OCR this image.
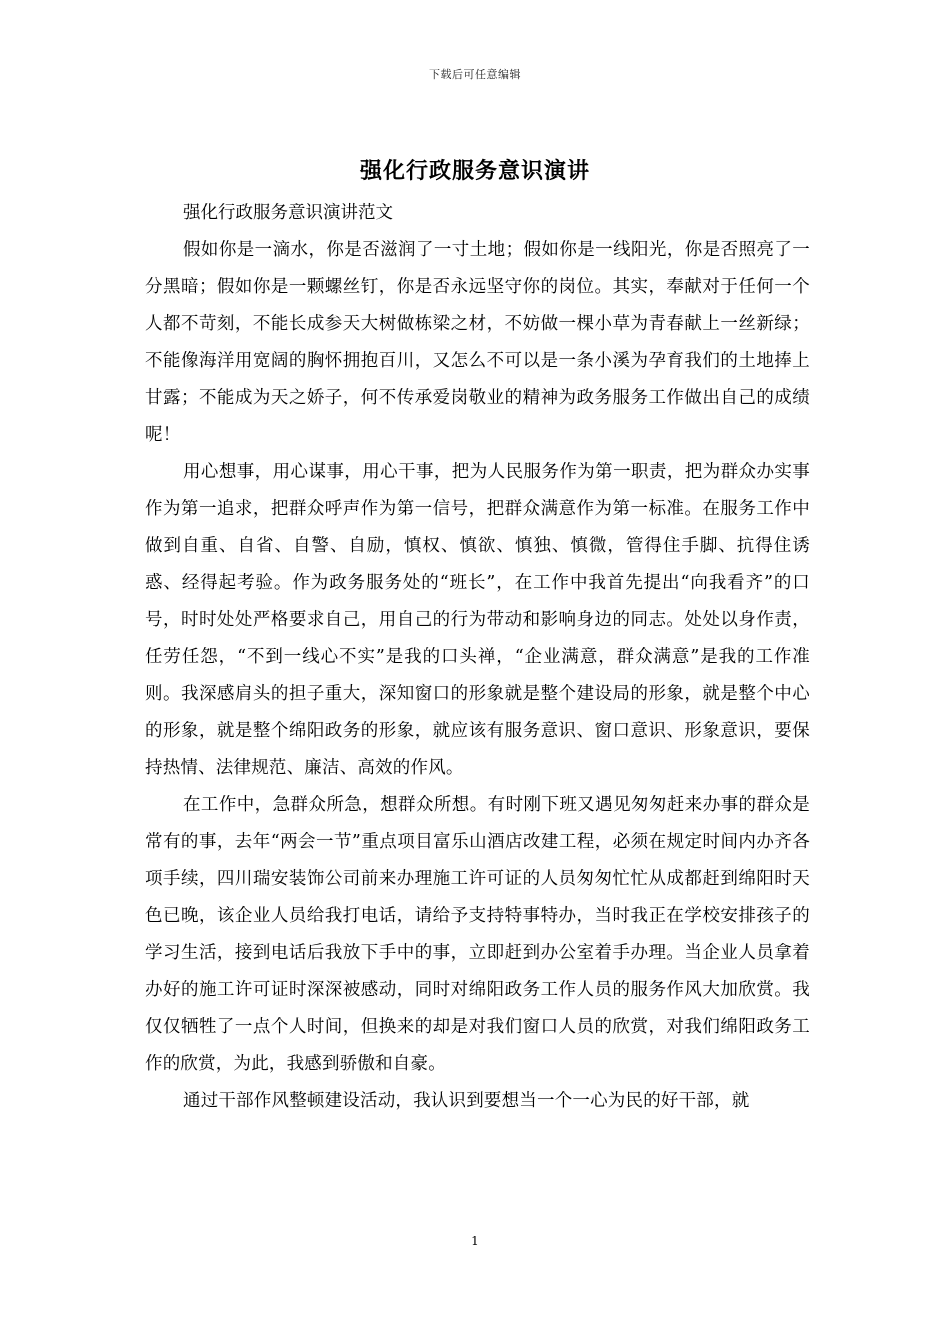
下载后可任意编辑
强化行政服务意识演讲

强化行政服务意识演讲范文

假如你是一滴水，你是否滋润了一寸土地；假如你是一线阳光，你是否照亮了一分黑暗；假如你是一颗螺丝钉，你是否永远坚守你的岗位。其实，奉献对于任何一个人都不苛刻，不能长成参天大树做栋梁之材，不妨做一棵小草为青春献上一丝新绿；不能像海洋用宽阔的胸怀拥抱百川，又怎么不可以是一条小溪为孕育我们的土地捧上甘露；不能成为天之娇子，何不传承爱岗敬业的精神为政务服务工作做出自己的成绩呢！

用心想事，用心谋事，用心干事，把为人民服务作为第一职责，把为群众办实事作为第一追求，把群众呼声作为第一信号，把群众满意作为第一标准。在服务工作中做到自重、自省、自警、自励，慎权、慎欲、慎独、慎微，管得住手脚、抗得住诱惑、经得起考验。作为政务服务处的“班长”，在工作中我首先提出“向我看齐”的口号，时时处处严格要求自己，用自己的行为带动和影响身边的同志。处处以身作责，任劳任怨，“不到一线心不实”是我的口头禅，“企业满意，群众满意”是我的工作准则。我深感肩头的担子重大，深知窗口的形象就是整个建设局的形象，就是整个中心的形象，就是整个绵阳政务的形象，就应该有服务意识、窗口意识、形象意识，要保持热情、法律规范、廉洁、高效的作风。

在工作中，急群众所急，想群众所想。有时刚下班又遇见匆匆赶来办事的群众是常有的事，去年“两会一节”重点项目富乐山酒店改建工程，必须在规定时间内办齐各项手续，四川瑞安装饰公司前来办理施工许可证的人员匆匆忙忙从成都赶到绵阳时天色已晚，该企业人员给我打电话，请给予支持特事特办，当时我正在学校安排孩子的学习生活，接到电话后我放下手中的事，立即赶到办公室着手办理。当企业人员拿着办好的施工许可证时深深被感动，同时对绵阳政务工作人员的服务作风大加欣赏。我仅仅牺牲了一点个人时间，但换来的却是对我们窗口人员的欣赏，对我们绵阳政务工作的欣赏，为此，我感到骄傲和自豪。

通过干部作风整顿建设活动，我认识到要想当一个一心为民的好干部，就

1
